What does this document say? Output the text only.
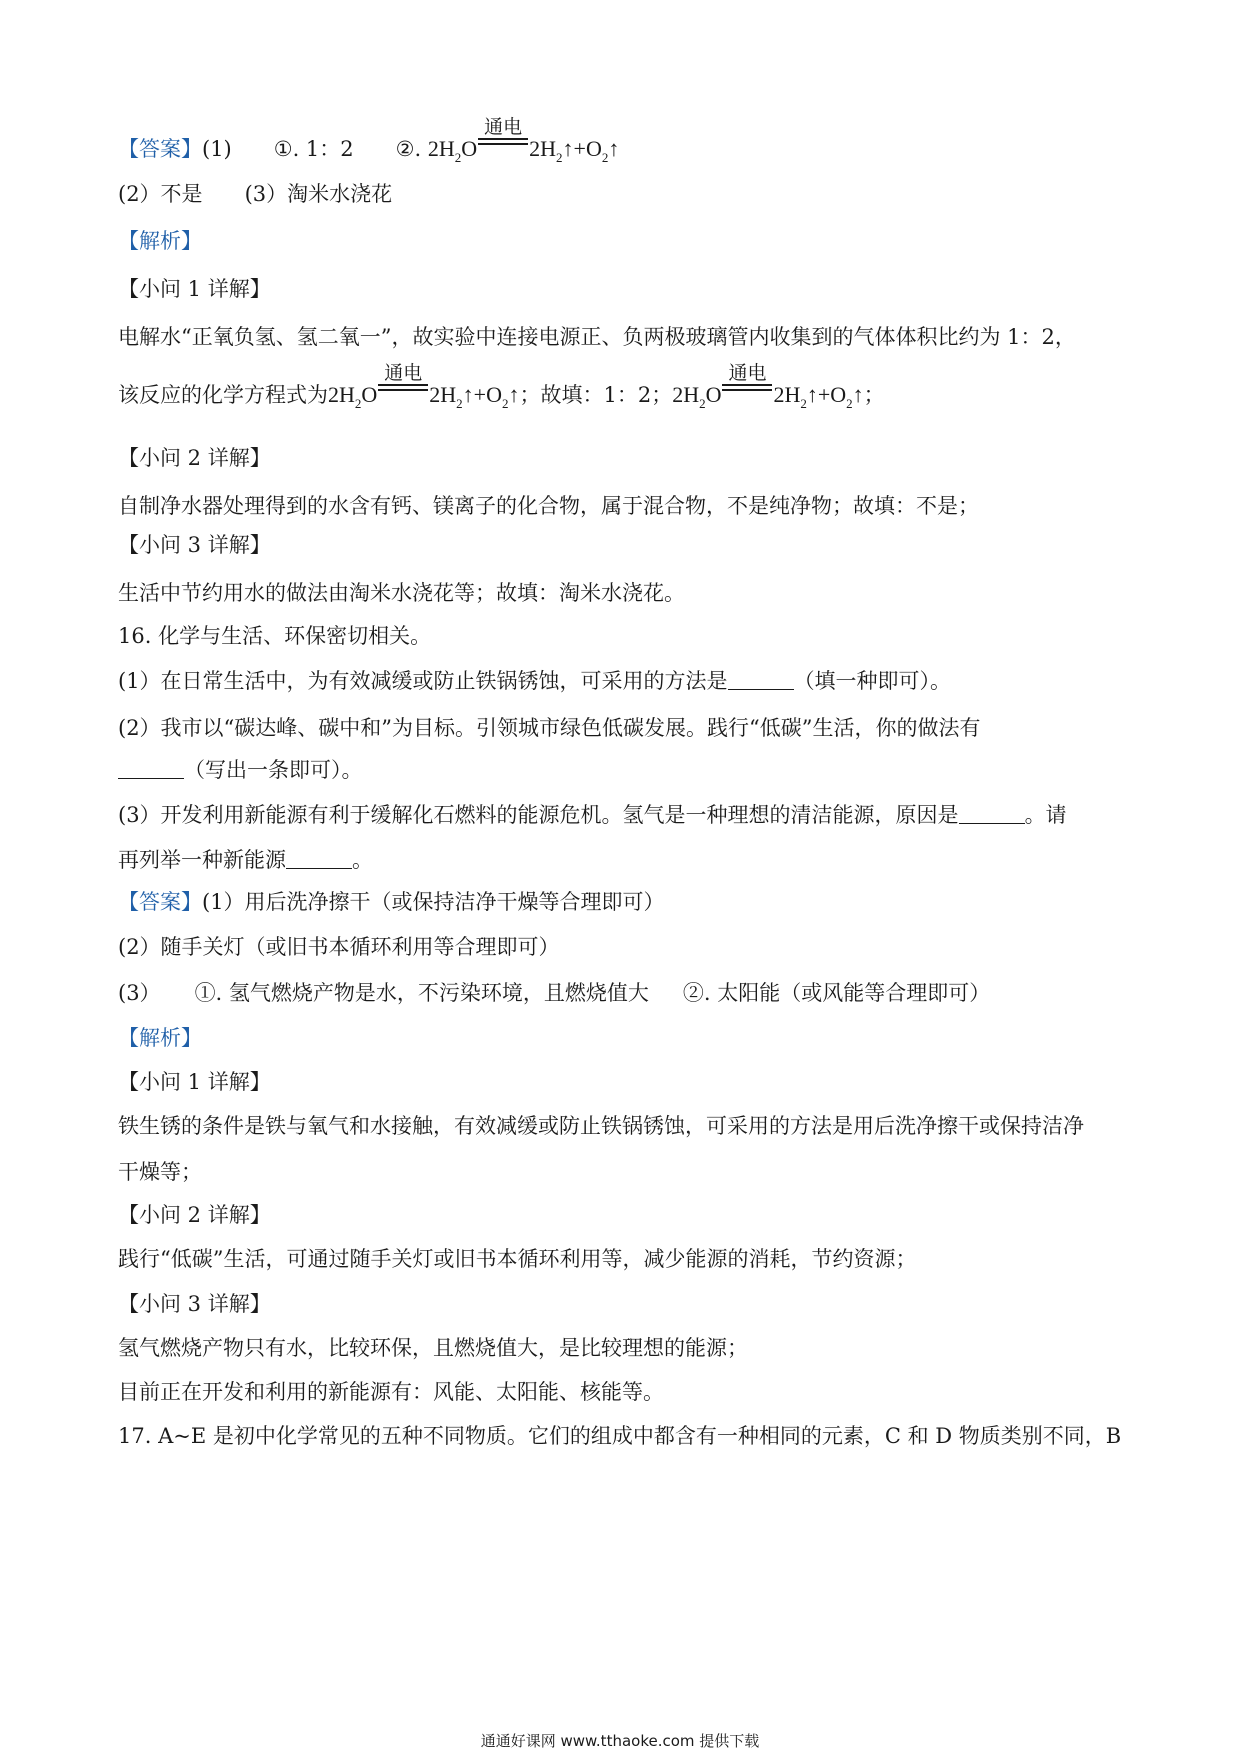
【答案】(1) ①. 1：2 ②. $2H_2O$
通电
$2H_2↑+O_2↑$
(2）不是 (3）淘米水浇花
【解析】
【小问 1 详解】
电解水“正氧负氢、氢二氧一”，故实验中连接电源正、负两极玻璃管内收集到的气体体积比约为 1：2，
该反应的化学方程式为$2H_2O$
通电
$2H_2↑+O_2↑$；故填：1：2；$2H_2O$
通电
$2H_2↑+O_2↑$；
【小问 2 详解】
自制净水器处理得到的水含有钙、镁离子的化合物，属于混合物，不是纯净物；故填：不是；
【小问 3 详解】
生活中节约用水的做法由淘米水浇花等；故填：淘米水浇花。
16. 化学与生活、环保密切相关。
(1）在日常生活中，为有效减缓或防止铁锅锈蚀，可采用的方法是	（填一种即可）。
(2）我市以“碳达峰、碳中和”为目标。引领城市绿色低碳发展。践行“低碳”生活，你的做法有
（写出一条即可）。
(3）开发利用新能源有利于缓解化石燃料的能源危机。氢气是一种理想的清洁能源，原因是	。请
再列举一种新能源	。
【答案】(1）用后洗净擦干（或保持洁净干燥等合理即可）
(2）随手关灯（或旧书本循环利用等合理即可）
(3） ①. 氢气燃烧产物是水，不污染环境，且燃烧值大 ②. 太阳能（或风能等合理即可）
【解析】
【小问 1 详解】
铁生锈的条件是铁与氧气和水接触，有效减缓或防止铁锅锈蚀，可采用的方法是用后洗净擦干或保持洁净
干燥等；
【小问 2 详解】
践行“低碳”生活，可通过随手关灯或旧书本循环利用等，减少能源的消耗，节约资源；
【小问 3 详解】
氢气燃烧产物只有水，比较环保，且燃烧值大，是比较理想的能源；
目前正在开发和利用的新能源有：风能、太阳能、核能等。
17. A~E 是初中化学常见的五种不同物质。它们的组成中都含有一种相同的元素，C 和 D 物质类别不同，B
通通好课网 www.tthaoke.com 提供下载
